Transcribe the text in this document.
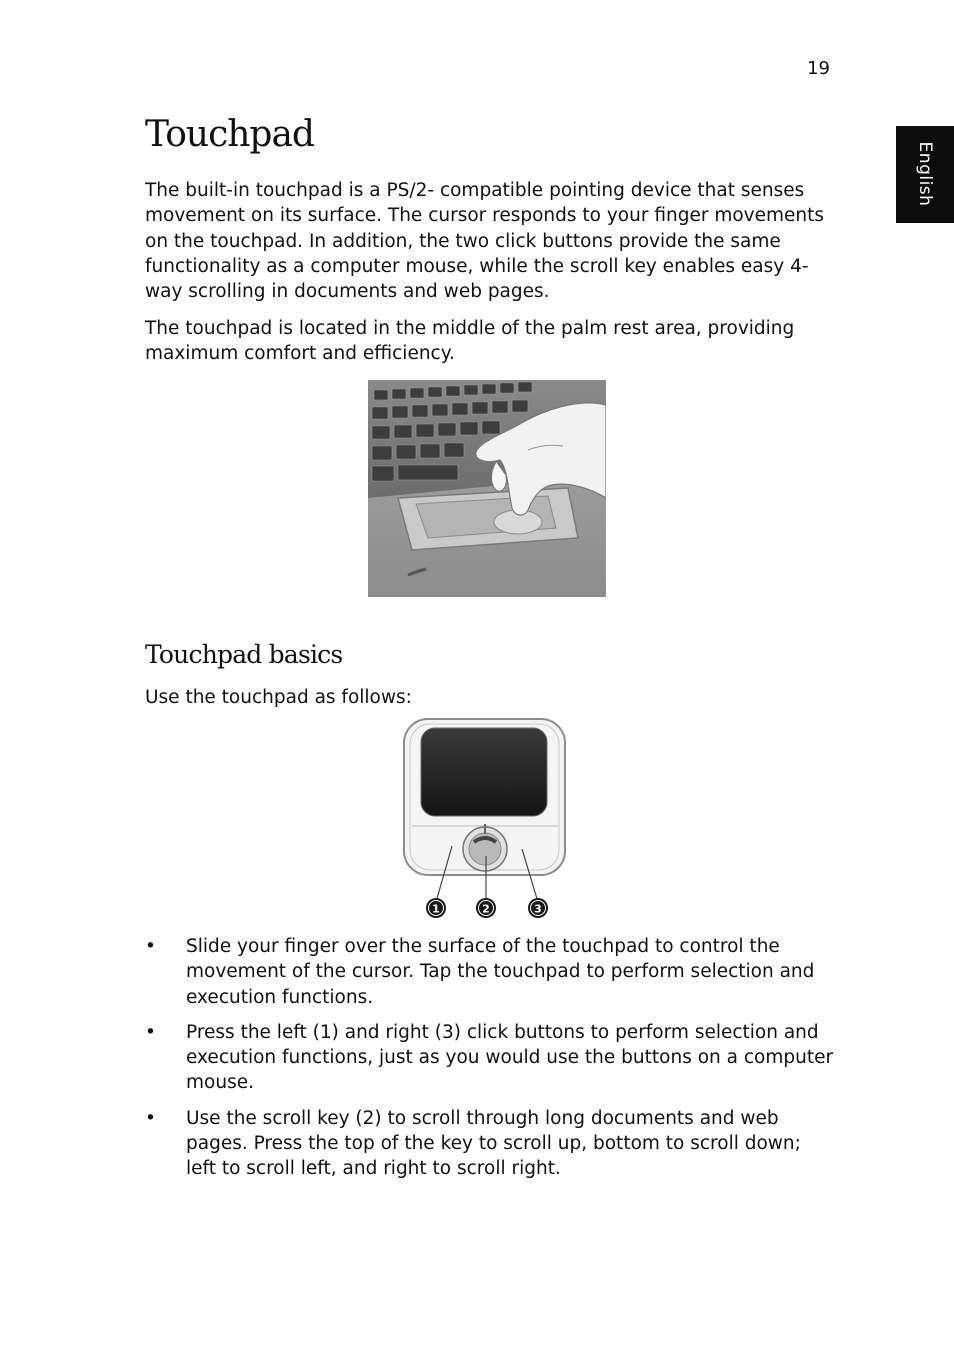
19
English
Touchpad

The built-in touchpad is a PS/2- compatible pointing device that senses movement on its surface. The cursor responds to your finger movements on the touchpad. In addition, the two click buttons provide the same functionality as a computer mouse, while the scroll key enables easy 4-way scrolling in documents and web pages.

The touchpad is located in the middle of the palm rest area, providing maximum comfort and efficiency.

Touchpad basics

Use the touchpad as follows:

1	2	3
• Slide your finger over the surface of the touchpad to control the movement of the cursor. Tap the touchpad to perform selection and execution functions.
• Press the left (1) and right (3) click buttons to perform selection and execution functions, just as you would use the buttons on a computer mouse.
• Use the scroll key (2) to scroll through long documents and web pages. Press the top of the key to scroll up, bottom to scroll down; left to scroll left, and right to scroll right.
